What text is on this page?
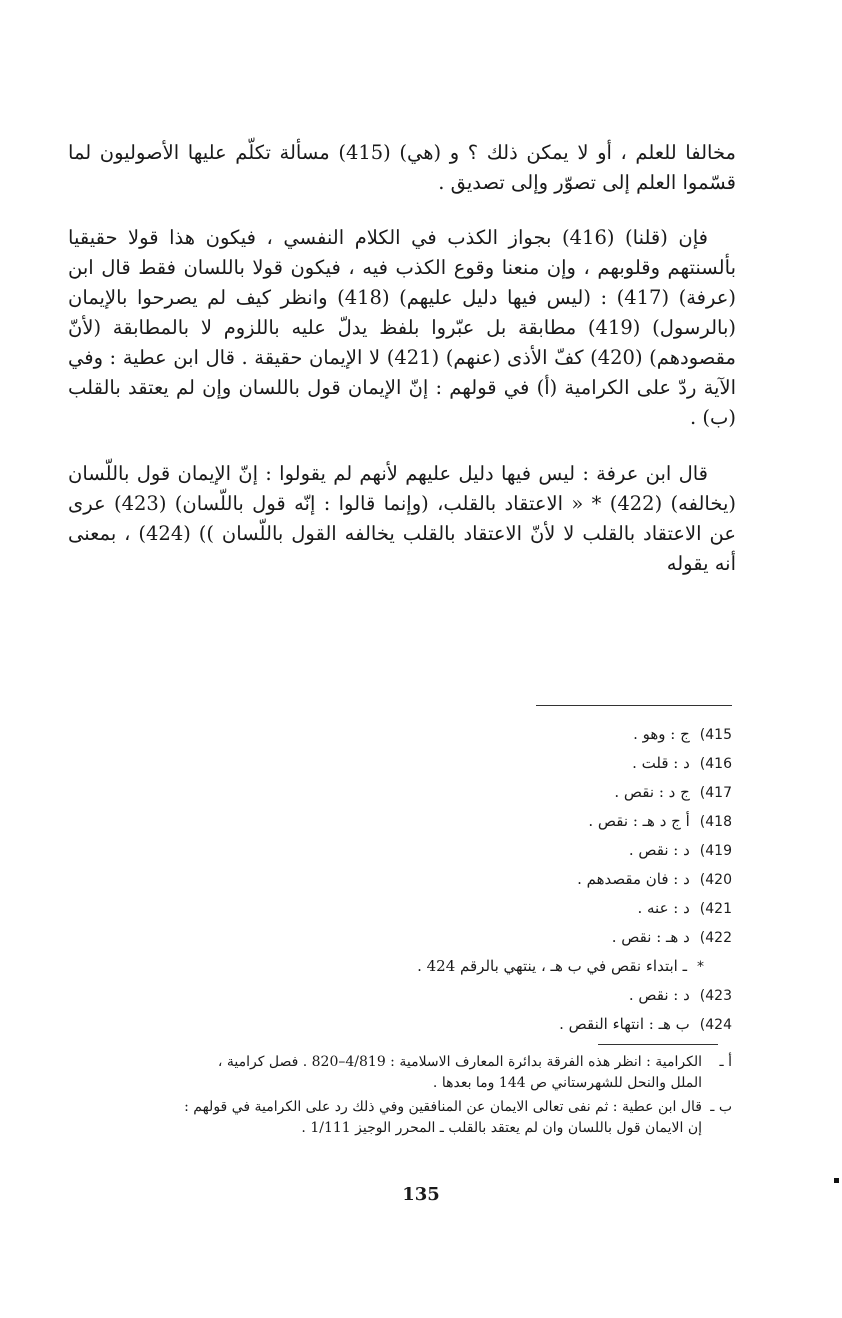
مخالفا للعلم ، أو لا يمكن ذلك ؟ و (هي) (415) مسألة تكلّم عليها الأصوليون لما قسّموا العلم إلى تصوّر وإلى تصديق .

فإن (قلنا) (416) بجواز الكذب في الكلام النفسي ، فيكون هذا قولا حقيقيا بألسنتهم وقلوبهم ، وإن منعنا وقوع الكذب فيه ، فيكون قولا باللسان فقط قال ابن (عرفة) (417) : (ليس فيها دليل عليهم) (418) وانظر كيف لم يصرحوا بالإيمان (بالرسول) (419) مطابقة بل عبّروا بلفظ يدلّ عليه باللزوم لا بالمطابقة (لأنّ مقصودهم) (420) كفّ الأذى (عنهم) (421) لا الإيمان حقيقة . قال ابن عطية : وفي الآية ردّ على الكرامية (أ) في قولهم : إنّ الإيمان قول باللسان وإن لم يعتقد بالقلب (ب) .

قال ابن عرفة : ليس فيها دليل عليهم لأنهم لم يقولوا : إنّ الإيمان قول باللّسان (يخالفه) (422) * « الاعتقاد بالقلب، (وإنما قالوا : إنّه قول باللّسان) (423) عرى عن الاعتقاد بالقلب لا لأنّ الاعتقاد بالقلب يخالفه القول باللّسان )) (424) ، بمعنى أنه يقوله

415)ج : وهو .
416)د : قلت .
417)ج د : نقص .
418)أ ج د هـ : نقص .
419)د : نقص .
420)د : فان مقصدهم .
421)د : عنه .
422)د هـ : نقص .
*ـ ابتداء نقص في ب هـ ، ينتهي بالرقم 424 .
423)د : نقص .
424)ب هـ : انتهاء النقص .
أ ـ
الكرامية : انظر هذه الفرقة بدائرة المعارف الاسلامية : 4/819–820 . فصل كرامية ،
الملل والنحل للشهرستاني ص 144 وما بعدها .
ب ـ
قال ابن عطية : ثم نفى تعالى الايمان عن المنافقين وفي ذلك رد على الكرامية في قولهم :
إن الايمان قول باللسان وان لم يعتقد بالقلب ـ المحرر الوجيز 1/111 .
135
